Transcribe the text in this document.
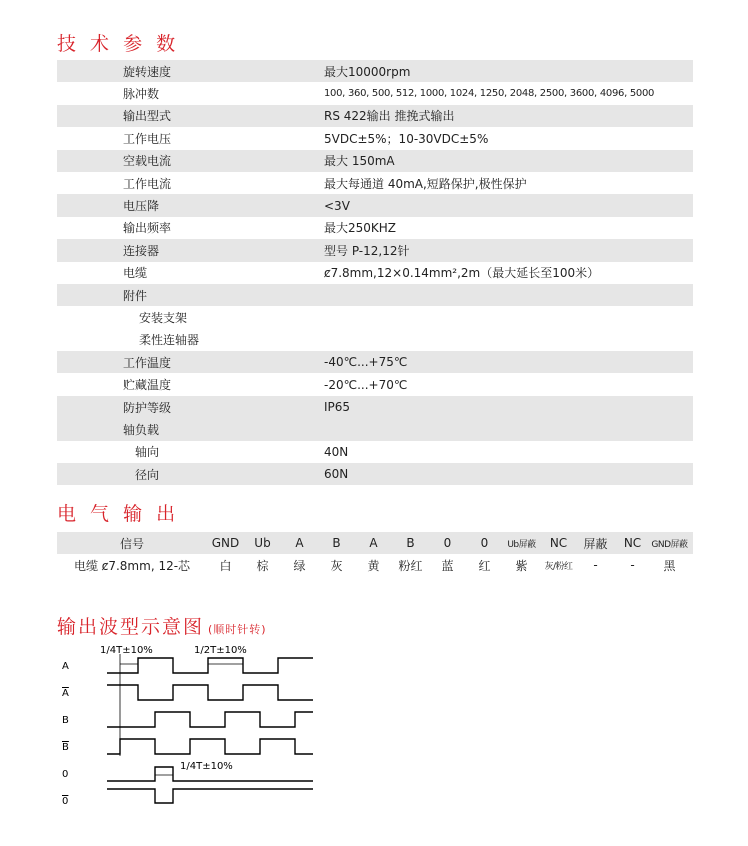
技 术 参 数
旋转速度	最大10000rpm
脉冲数	100, 360, 500, 512, 1000, 1024, 1250, 2048, 2500, 3600, 4096, 5000
输出型式	RS 422输出 推挽式输出
工作电压	5VDC±5%；10-30VDC±5%
空载电流	最大 150mA
工作电流	最大每通道 40mA,短路保护,极性保护
电压降	<3V
输出频率	最大250KHZ
连接器	型号 P-12,12针
电缆	ȼ7.8mm,12×0.14mm²,2m（最大延长至100米）
附件
安装支架
柔性连轴器
工作温度	-40℃...+75℃
贮藏温度	-20℃...+70℃
防护等级	IP65
轴负载
轴向	40N
径向	60N
电 气 输 出
信号	GND	Ub	A	B	$\overline{A}$	$\overline{B}$	0	0	Ub屏蔽	NC	屏蔽	NC	GND屏蔽
电缆 ȼ7.8mm, 12-芯	白	棕	绿	灰	黄	粉红	蓝	红	紫	灰/粉红	-	-	黑
输出波型示意图 (顺时针转)
A
A
B
B
0
0
1/4T±10%	1/2T±10%
1/4T±10%
